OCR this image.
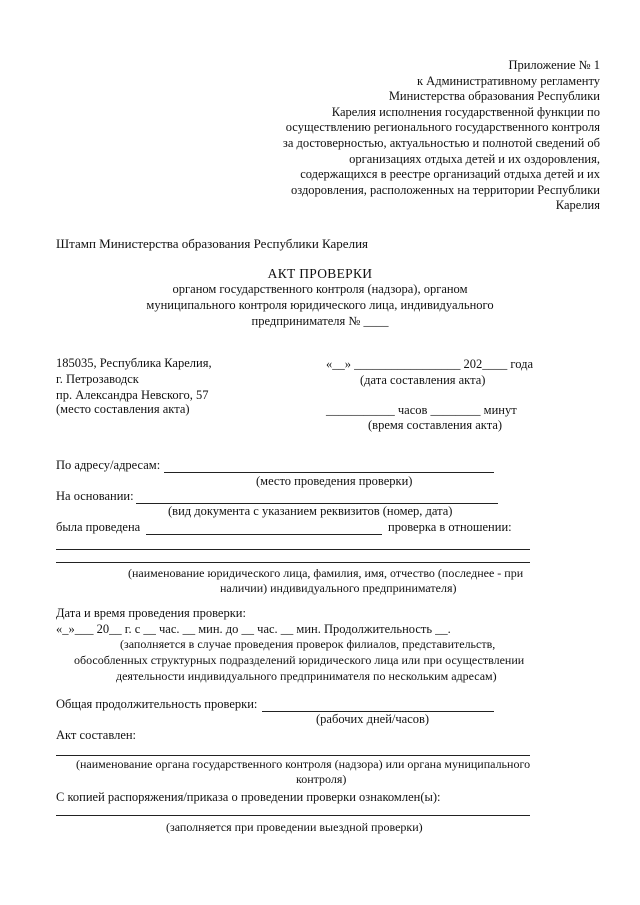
Приложение № 1
к Административному регламенту
Министерства образования Республики
Карелия исполнения государственной функции по
осуществлению регионального государственного контроля
за достоверностью, актуальностью и полнотой сведений об
организациях отдыха детей и их оздоровления,
содержащихся в реестре организаций отдыха детей и их
оздоровления, расположенных на территории Республики
Карелия
Штамп Министерства образования Республики Карелия
АКТ ПРОВЕРКИ
органом государственного контроля (надзора), органом
муниципального контроля юридического лица, индивидуального
предпринимателя № ____
185035, Республика Карелия,
г. Петрозаводск
пр. Александра Невского, 57
(место составления акта)
«__» _________________ 202____ года
(дата составления акта)
___________ часов ________ минут
(время составления акта)
По адресу/адресам:
(место проведения проверки)
На основании:
(вид документа с указанием реквизитов (номер, дата)
была проведена	проверка в отношении:
(наименование юридического лица, фамилия, имя, отчество (последнее - при
наличии) индивидуального предпринимателя)
Дата и время проведения проверки:
«_»___ 20__ г. с __ час. __ мин. до __ час. __ мин. Продолжительность __.
(заполняется в случае проведения проверок филиалов, представительств,
обособленных структурных подразделений юридического лица или при осуществлении
деятельности индивидуального предпринимателя по нескольким адресам)
Общая продолжительность проверки:
(рабочих дней/часов)
Акт составлен:
(наименование органа государственного контроля (надзора) или органа муниципального
контроля)
С копией распоряжения/приказа о проведении проверки ознакомлен(ы):
(заполняется при проведении выездной проверки)
